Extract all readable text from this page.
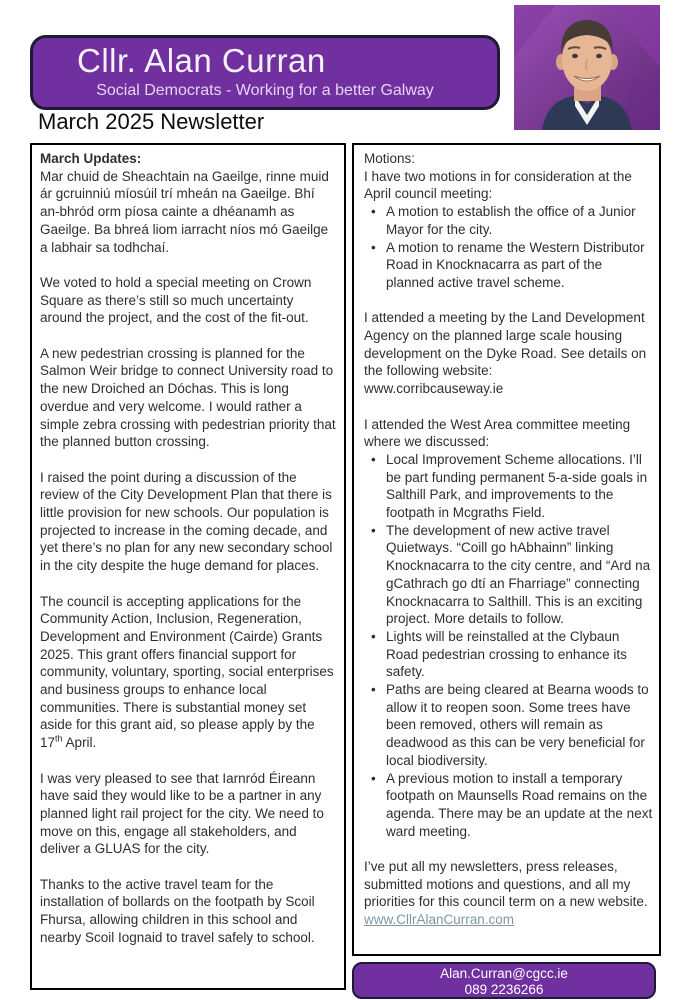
Cllr. Alan Curran
Social Democrats - Working for a better Galway
March 2025 Newsletter

March Updates:

Mar chuid de Sheachtain na Gaeilge, rinne muid ár gcruinniú míosúil trí mheán na Gaeilge. Bhí an-bhród orm píosa cainte a dhéanamh as Gaeilge. Ba bhreá liom iarracht níos mó Gaeilge a labhair sa todhchaí.

We voted to hold a special meeting on Crown Square as there’s still so much uncertainty around the project, and the cost of the fit-out.

A new pedestrian crossing is planned for the Salmon Weir bridge to connect University road to the new Droiched an Dóchas. This is long overdue and very welcome. I would rather a simple zebra crossing with pedestrian priority that the planned button crossing.

I raised the point during a discussion of the review of the City Development Plan that there is little provision for new schools. Our population is projected to increase in the coming decade, and yet there’s no plan for any new secondary school in the city despite the huge demand for places.

The council is accepting applications for the Community Action, Inclusion, Regeneration, Development and Environment (Cairde) Grants 2025. This grant offers financial support for community, voluntary, sporting, social enterprises and business groups to enhance local communities. There is substantial money set aside for this grant aid, so please apply by the 17th April.

I was very pleased to see that Iarnród Éireann have said they would like to be a partner in any planned light rail project for the city. We need to move on this, engage all stakeholders, and deliver a GLUAS for the city.

Thanks to the active travel team for the installation of bollards on the footpath by Scoil Fhursa, allowing children in this school and nearby Scoil Iognaid to travel safely to school.

Motions:

I have two motions in for consideration at the April council meeting:

• A motion to establish the office of a Junior Mayor for the city.
• A motion to rename the Western Distributor Road in Knocknacarra as part of the planned active travel scheme.

I attended a meeting by the Land Development Agency on the planned large scale housing development on the Dyke Road. See details on the following website:

www.corribcauseway.ie

I attended the West Area committee meeting where we discussed:

• Local Improvement Scheme allocations. I’ll be part funding permanent 5-a-side goals in Salthill Park, and improvements to the footpath in Mcgraths Field.
• The development of new active travel Quietways. “Coill go hAbhainn” linking Knocknacarra to the city centre, and “Ard na gCathrach go dtí an Fharriage” connecting Knocknacarra to Salthill. This is an exciting project. More details to follow.
• Lights will be reinstalled at the Clybaun Road pedestrian crossing to enhance its safety.
• Paths are being cleared at Bearna woods to allow it to reopen soon. Some trees have been removed, others will remain as deadwood as this can be very beneficial for local biodiversity.
• A previous motion to install a temporary footpath on Maunsells Road remains on the agenda. There may be an update at the next ward meeting.

I’ve put all my newsletters, press releases, submitted motions and questions, and all my priorities for this council term on a new website.

www.CllrAlanCurran.com
Alan.Curran@cgcc.ie
089 2236266
